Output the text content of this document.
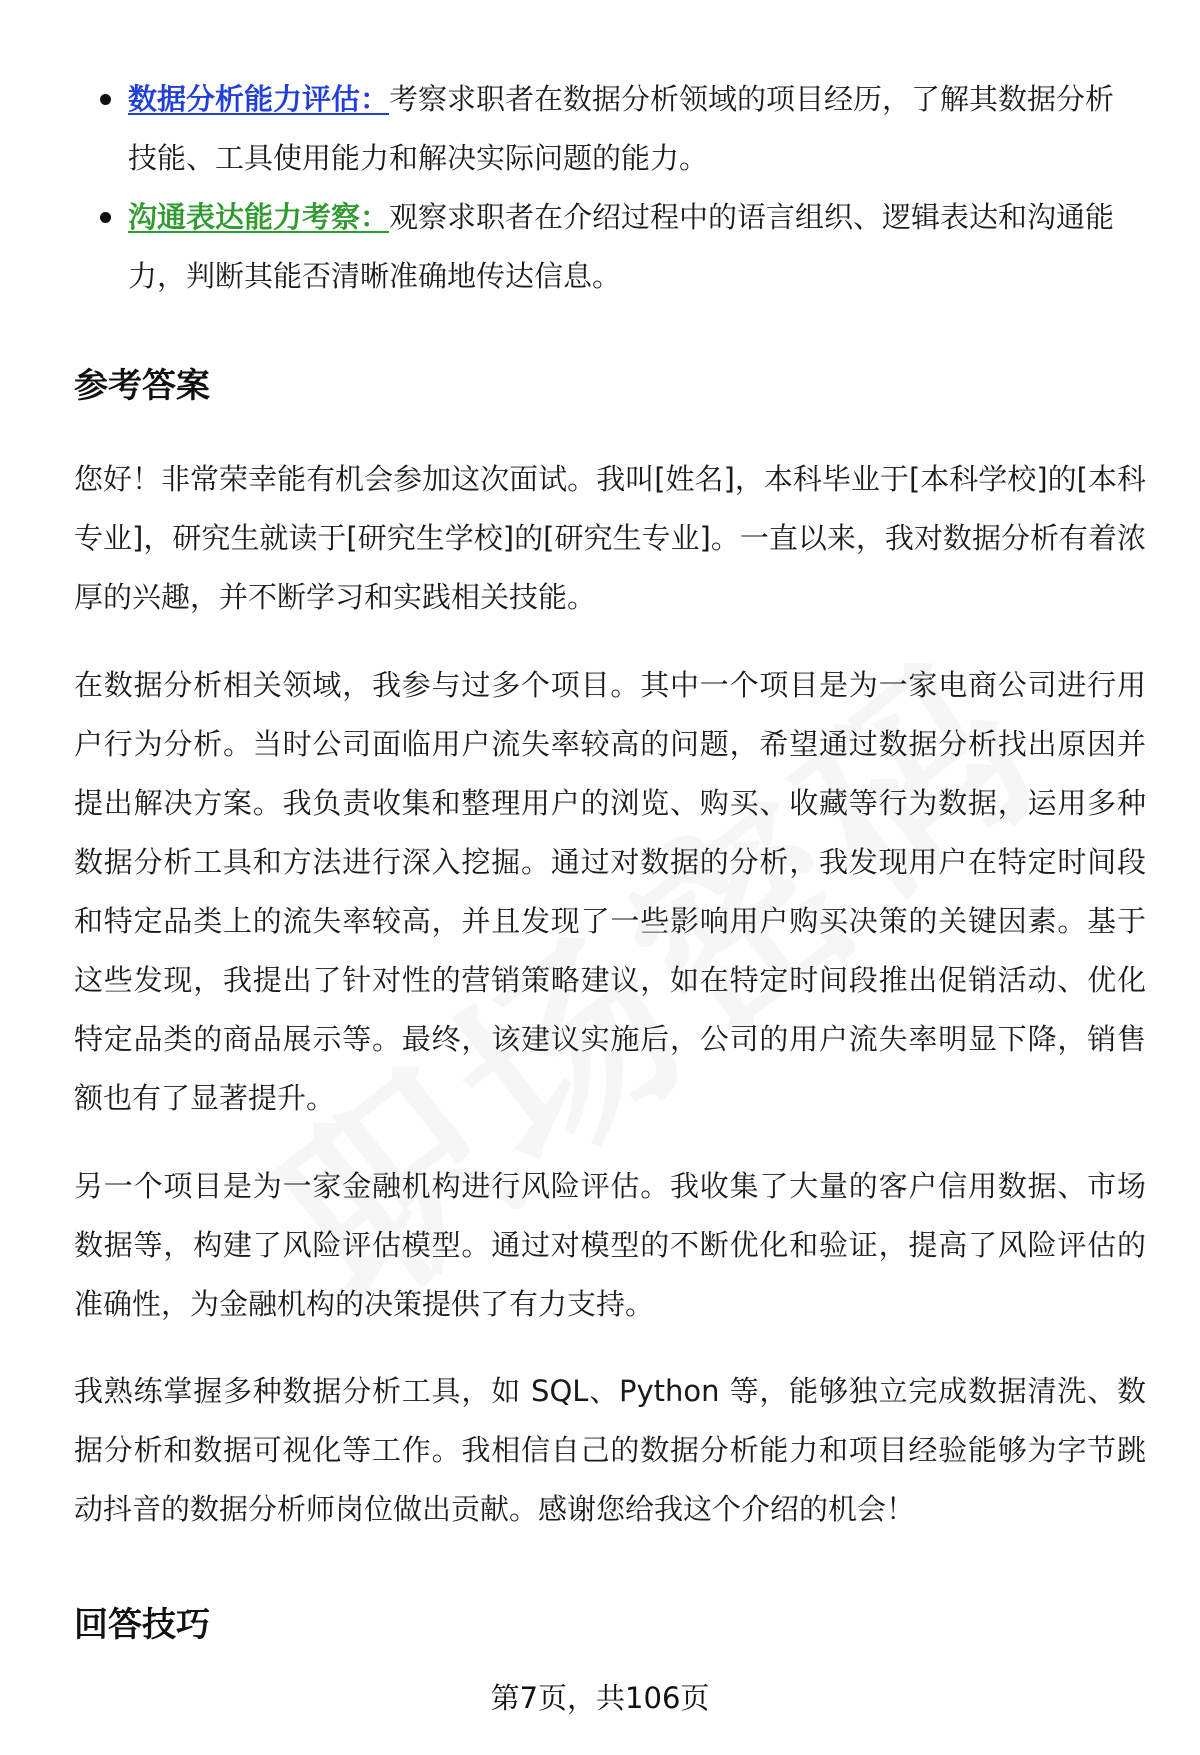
数据分析能力评估：考察求职者在数据分析领域的项目经历，了解其数据分析技能、工具使用能力和解决实际问题的能力。
沟通表达能力考察：观察求职者在介绍过程中的语言组织、逻辑表达和沟通能力，判断其能否清晰准确地传达信息。
参考答案

您好！非常荣幸能有机会参加这次面试。我叫[姓名]，本科毕业于[本科学校]的[本科专业]，研究生就读于[研究生学校]的[研究生专业]。一直以来，我对数据分析有着浓厚的兴趣，并不断学习和实践相关技能。

在数据分析相关领域，我参与过多个项目。其中一个项目是为一家电商公司进行用户行为分析。当时公司面临用户流失率较高的问题，希望通过数据分析找出原因并提出解决方案。我负责收集和整理用户的浏览、购买、收藏等行为数据，运用多种数据分析工具和方法进行深入挖掘。通过对数据的分析，我发现用户在特定时间段和特定品类上的流失率较高，并且发现了一些影响用户购买决策的关键因素。基于这些发现，我提出了针对性的营销策略建议，如在特定时间段推出促销活动、优化特定品类的商品展示等。最终，该建议实施后，公司的用户流失率明显下降，销售额也有了显著提升。

另一个项目是为一家金融机构进行风险评估。我收集了大量的客户信用数据、市场数据等，构建了风险评估模型。通过对模型的不断优化和验证，提高了风险评估的准确性，为金融机构的决策提供了有力支持。

我熟练掌握多种数据分析工具，如 SQL、Python 等，能够独立完成数据清洗、数据分析和数据可视化等工作。我相信自己的数据分析能力和项目经验能够为字节跳动抖音的数据分析师岗位做出贡献。感谢您给我这个介绍的机会！

回答技巧
第7页，共106页
